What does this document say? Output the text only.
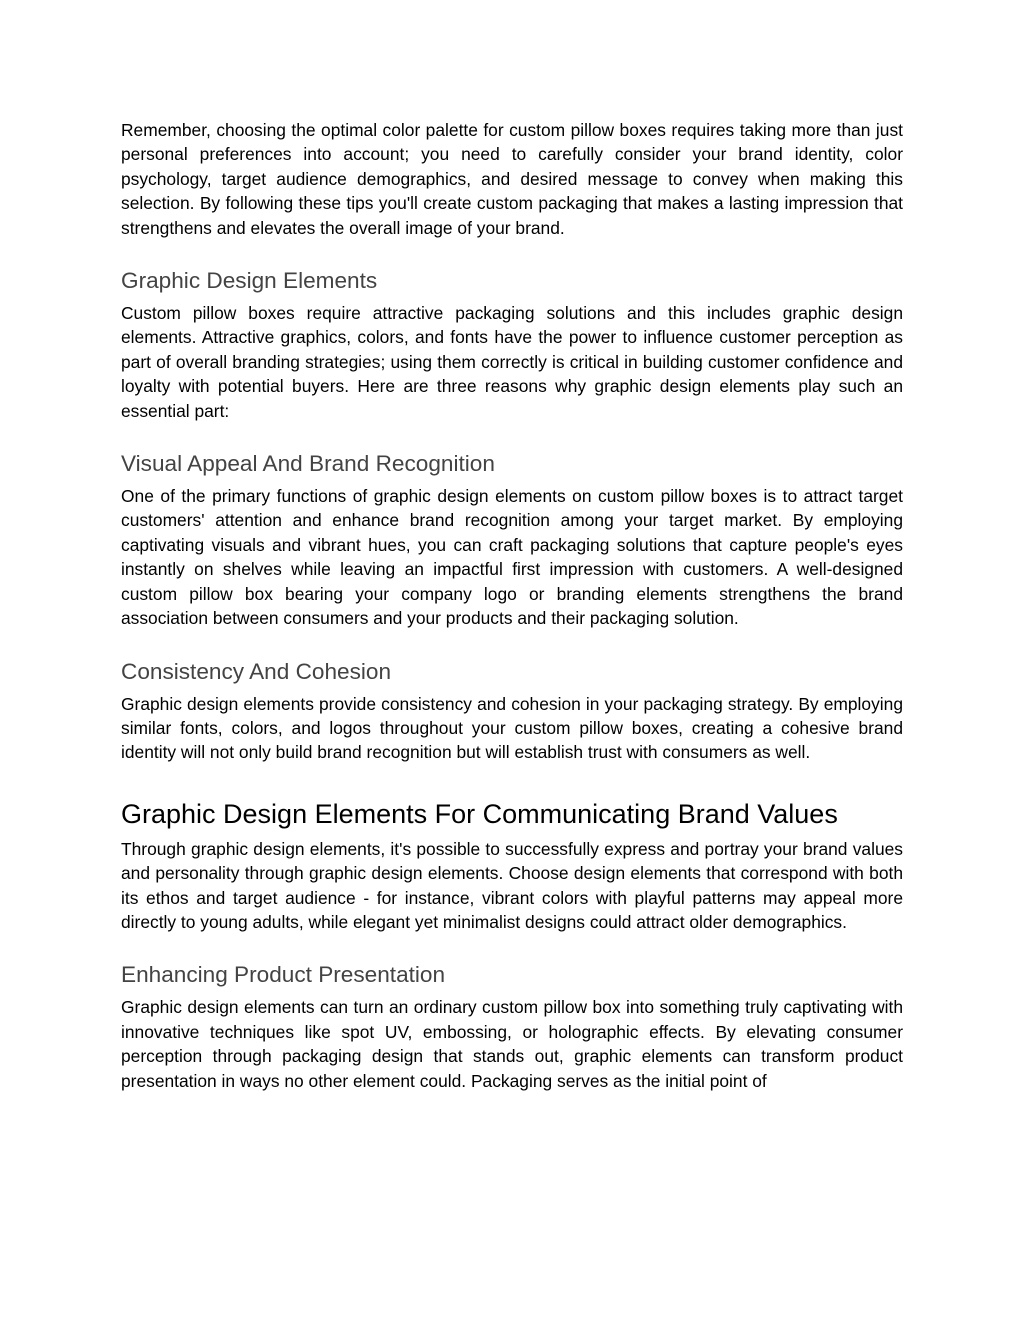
Remember, choosing the optimal color palette for custom pillow boxes requires taking more than just personal preferences into account; you need to carefully consider your brand identity, color psychology, target audience demographics, and desired message to convey when making this selection. By following these tips you'll create custom packaging that makes a lasting impression that strengthens and elevates the overall image of your brand.

Graphic Design Elements

Custom pillow boxes require attractive packaging solutions and this includes graphic design elements. Attractive graphics, colors, and fonts have the power to influence customer perception as part of overall branding strategies; using them correctly is critical in building customer confidence and loyalty with potential buyers. Here are three reasons why graphic design elements play such an essential part:

Visual Appeal And Brand Recognition

One of the primary functions of graphic design elements on custom pillow boxes is to attract target customers' attention and enhance brand recognition among your target market. By employing captivating visuals and vibrant hues, you can craft packaging solutions that capture people's eyes instantly on shelves while leaving an impactful first impression with customers. A well-designed custom pillow box bearing your company logo or branding elements strengthens the brand association between consumers and your products and their packaging solution.

Consistency And Cohesion

Graphic design elements provide consistency and cohesion in your packaging strategy. By employing similar fonts, colors, and logos throughout your custom pillow boxes, creating a cohesive brand identity will not only build brand recognition but will establish trust with consumers as well.

Graphic Design Elements For Communicating Brand Values

Through graphic design elements, it's possible to successfully express and portray your brand values and personality through graphic design elements. Choose design elements that correspond with both its ethos and target audience - for instance, vibrant colors with playful patterns may appeal more directly to young adults, while elegant yet minimalist designs could attract older demographics.

Enhancing Product Presentation

Graphic design elements can turn an ordinary custom pillow box into something truly captivating with innovative techniques like spot UV, embossing, or holographic effects. By elevating consumer perception through packaging design that stands out, graphic elements can transform product presentation in ways no other element could. Packaging serves as the initial point of
